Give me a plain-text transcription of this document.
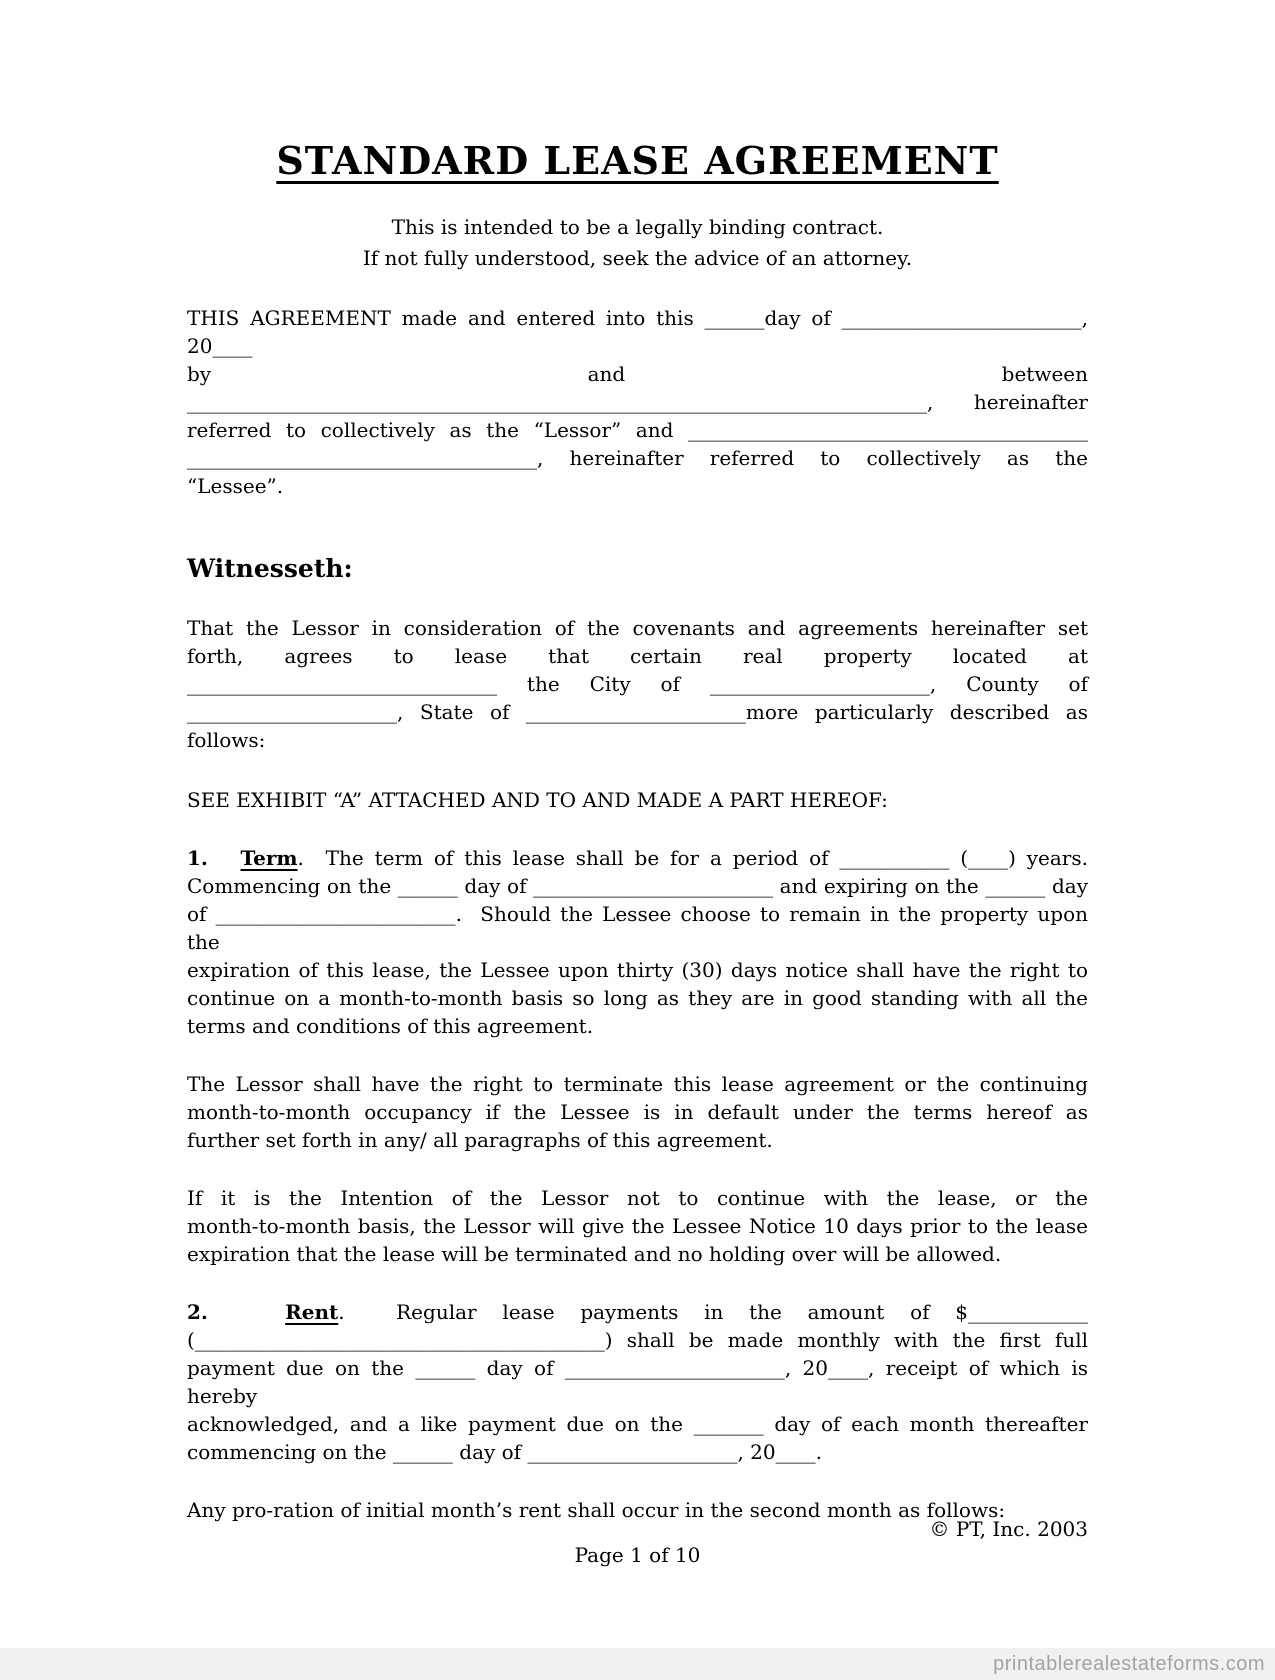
STANDARD LEASE AGREEMENT
This is intended to be a legally binding contract.
If not fully understood, seek the advice of an attorney.
THIS AGREEMENT made and entered into this ______day of ________________________, 20____
by and between
__________________________________________________________________________, hereinafter
referred to collectively as the “Lessor” and ________________________________________
___________________________________, hereinafter referred to collectively as the
“Lessee”.
Witnesseth:
That the Lessor in consideration of the covenants and agreements hereinafter set
forth, agrees to lease that certain real property located at
_______________________________ the City of ______________________, County of
_____________________, State of ______________________more particularly described as
follows:
SEE EXHIBIT “A” ATTACHED AND TO AND MADE A PART HEREOF:
1. Term.  The term of this lease shall be for a period of ___________ (____) years.
Commencing on the ______ day of ________________________ and expiring on the ______ day
of ________________________.  Should the Lessee choose to remain in the property upon the
expiration of this lease, the Lessee upon thirty (30) days notice shall have the right to
continue on a month-to-month basis so long as they are in good standing with all the
terms and conditions of this agreement.
The Lessor shall have the right to terminate this lease agreement or the continuing
month-to-month occupancy if the Lessee is in default under the terms hereof as
further set forth in any/ all paragraphs of this agreement.
If it is the Intention of the Lessor not to continue with the lease, or the
month-to-month basis, the Lessor will give the Lessee Notice 10 days prior to the lease
expiration that the lease will be terminated and no holding over will be allowed.
2.	Rent.  Regular lease payments in the amount of $____________
(_________________________________________) shall be made monthly with the first full
payment due on the ______ day of ______________________, 20____, receipt of which is hereby
acknowledged, and a like payment due on the _______ day of each month thereafter
commencing on the ______ day of _____________________, 20____.
Any pro-ration of initial month’s rent shall occur in the second month as follows:
© PT, Inc. 2003
Page 1 of 10
printablerealestateforms.com
